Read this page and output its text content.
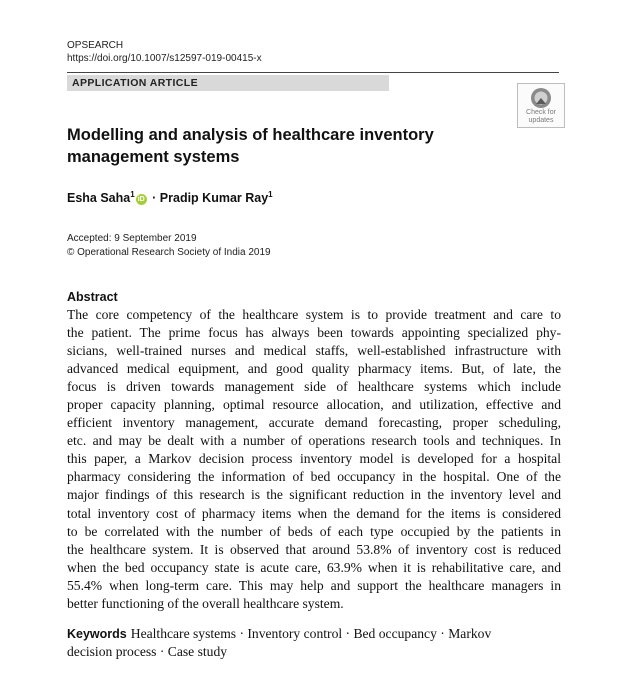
OPSEARCH
https://doi.org/10.1007/s12597-019-00415-x
APPLICATION ARTICLE
Check for
updates
Modelling and analysis of healthcare inventory
management systems
Esha Saha$^1$iD · Pradip Kumar Ray$^1$
Accepted: 9 September 2019
© Operational Research Society of India 2019
Abstract
The core competency of the healthcare system is to provide treatment and care to
the patient. The prime focus has always been towards appointing specialized phy-
sicians, well-trained nurses and medical staffs, well-established infrastructure with
advanced medical equipment, and good quality pharmacy items. But, of late, the
focus is driven towards management side of healthcare systems which include
proper capacity planning, optimal resource allocation, and utilization, effective and
efficient inventory management, accurate demand forecasting, proper scheduling,
etc. and may be dealt with a number of operations research tools and techniques. In
this paper, a Markov decision process inventory model is developed for a hospital
pharmacy considering the information of bed occupancy in the hospital. One of the
major findings of this research is the significant reduction in the inventory level and
total inventory cost of pharmacy items when the demand for the items is considered
to be correlated with the number of beds of each type occupied by the patients in
the healthcare system. It is observed that around 53.8% of inventory cost is reduced
when the bed occupancy state is acute care, 63.9% when it is rehabilitative care, and
55.4% when long-term care. This may help and support the healthcare managers in
better functioning of the overall healthcare system.
Keywords Healthcare systems · Inventory control · Bed occupancy · Markov
decision process · Case study
